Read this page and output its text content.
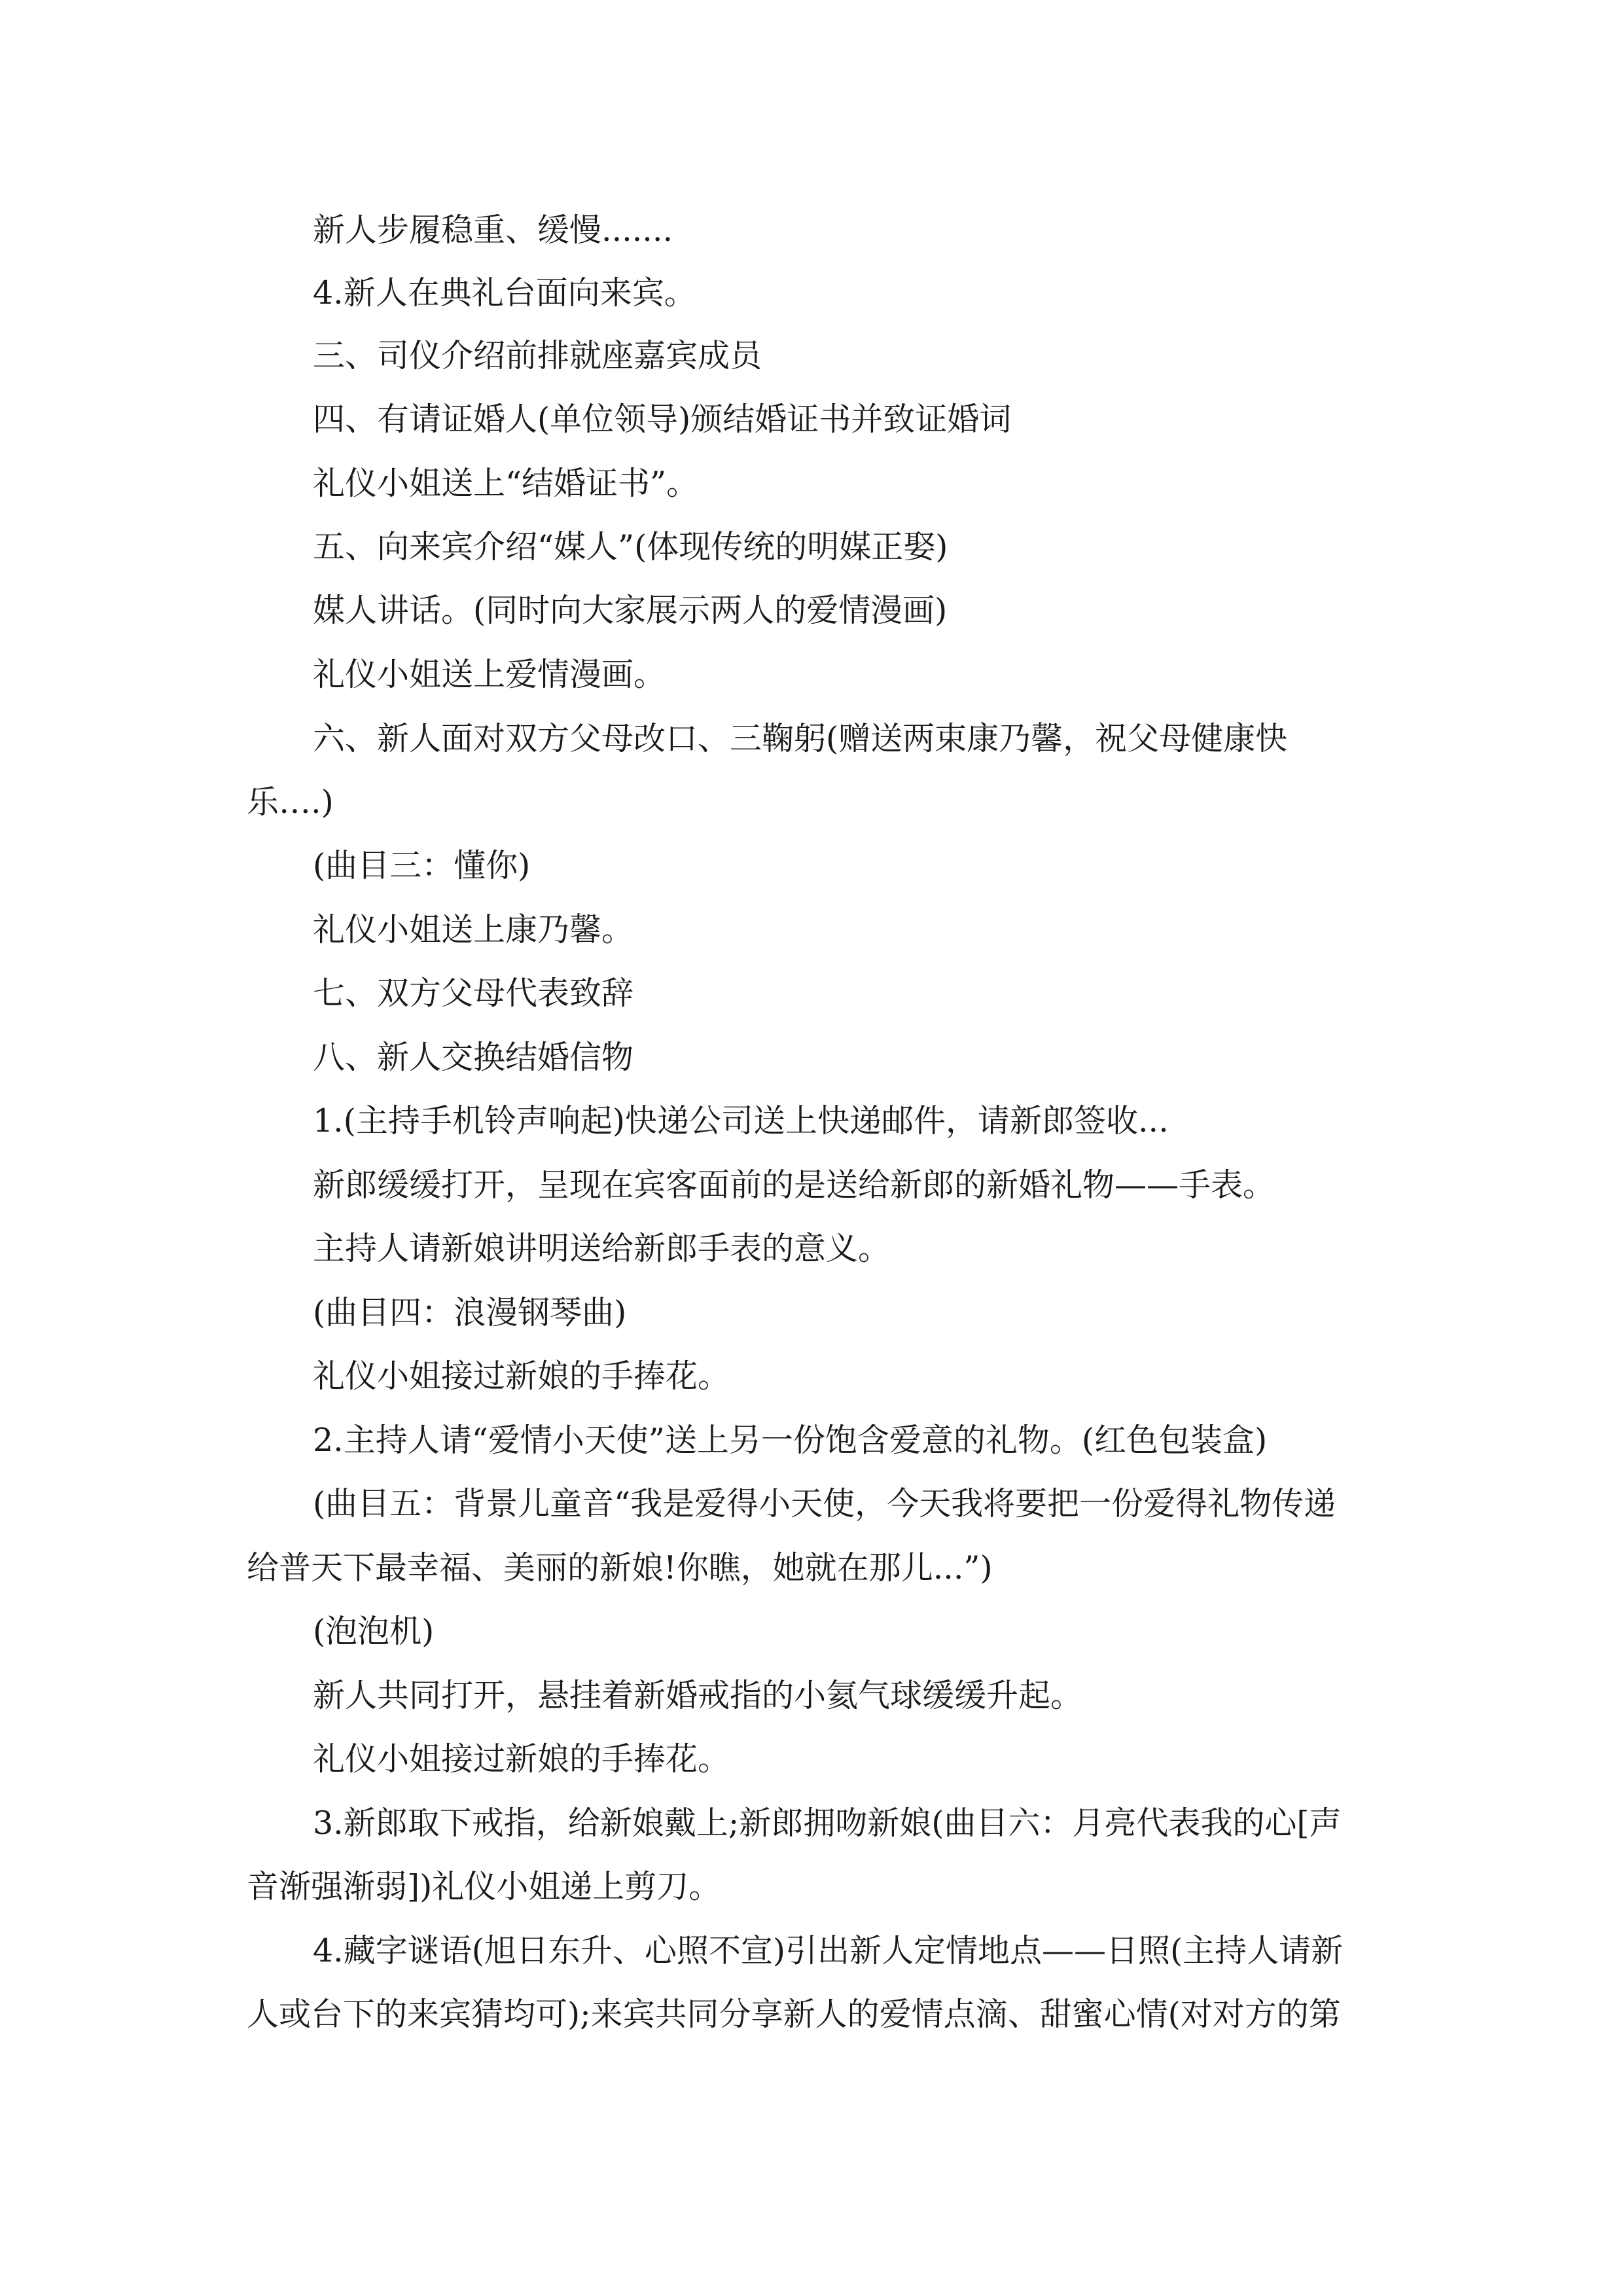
新人步履稳重、缓慢.......
4.新人在典礼台面向来宾。
三、司仪介绍前排就座嘉宾成员
四、有请证婚人(单位领导)颁结婚证书并致证婚词
礼仪小姐送上“结婚证书”。
五、向来宾介绍“媒人”(体现传统的明媒正娶)
媒人讲话。(同时向大家展示两人的爱情漫画)
礼仪小姐送上爱情漫画。
六、新人面对双方父母改口、三鞠躬(赠送两束康乃馨，祝父母健康快
乐….)
(曲目三：懂你)
礼仪小姐送上康乃馨。
七、双方父母代表致辞
八、新人交换结婚信物
1.(主持手机铃声响起)快递公司送上快递邮件，请新郎签收...
新郎缓缓打开，呈现在宾客面前的是送给新郎的新婚礼物——手表。
主持人请新娘讲明送给新郎手表的意义。
(曲目四：浪漫钢琴曲)
礼仪小姐接过新娘的手捧花。
2.主持人请“爱情小天使”送上另一份饱含爱意的礼物。(红色包装盒)
(曲目五：背景儿童音“我是爱得小天使，今天我将要把一份爱得礼物传递
给普天下最幸福、美丽的新娘!你瞧，她就在那儿...”)
(泡泡机)
新人共同打开，悬挂着新婚戒指的小氦气球缓缓升起。
礼仪小姐接过新娘的手捧花。
3.新郎取下戒指，给新娘戴上;新郎拥吻新娘(曲目六：月亮代表我的心[声
音渐强渐弱])礼仪小姐递上剪刀。
4.藏字谜语(旭日东升、心照不宣)引出新人定情地点——日照(主持人请新
人或台下的来宾猜均可);来宾共同分享新人的爱情点滴、甜蜜心情(对对方的第
